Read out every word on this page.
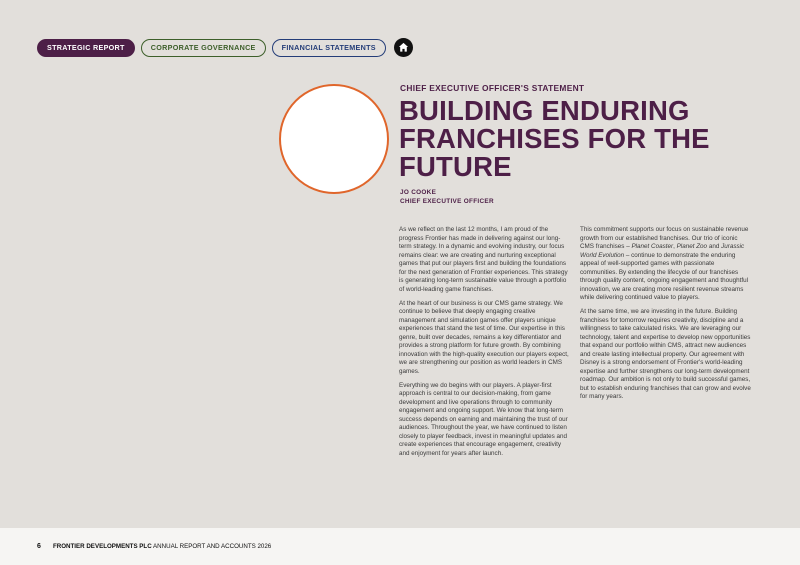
STRATEGIC REPORT	CORPORATE GOVERNANCE	FINANCIAL STATEMENTS
CHIEF EXECUTIVE OFFICER'S STATEMENT
BUILDING ENDURING FRANCHISES FOR THE FUTURE
JO COOKE
CHIEF EXECUTIVE OFFICER

As we reflect on the last 12 months, I am proud of the progress Frontier has made in delivering against our long-term strategy. In a dynamic and evolving industry, our focus remains clear: we are creating and nurturing exceptional games that put our players first and building the foundations for the next generation of Frontier experiences. This strategy is generating long-term sustainable value through a portfolio of world-leading game franchises.

At the heart of our business is our CMS game strategy. We continue to believe that deeply engaging creative management and simulation games offer players unique experiences that stand the test of time. Our expertise in this genre, built over decades, remains a key differentiator and provides a strong platform for future growth. By combining innovation with the high-quality execution our players expect, we are strengthening our position as world leaders in CMS games.

Everything we do begins with our players. A player-first approach is central to our decision-making, from game development and live operations through to community engagement and ongoing support. We know that long-term success depends on earning and maintaining the trust of our audiences. Throughout the year, we have continued to listen closely to player feedback, invest in meaningful updates and create experiences that encourage engagement, creativity and enjoyment for years after launch.

This commitment supports our focus on sustainable revenue growth from our established franchises. Our trio of iconic CMS franchises – Planet Coaster, Planet Zoo and Jurassic World Evolution – continue to demonstrate the enduring appeal of well-supported games with passionate communities. By extending the lifecycle of our franchises through quality content, ongoing engagement and thoughtful innovation, we are creating more resilient revenue streams while delivering continued value to players.

At the same time, we are investing in the future. Building franchises for tomorrow requires creativity, discipline and a willingness to take calculated risks. We are leveraging our technology, talent and expertise to develop new opportunities that expand our portfolio within CMS, attract new audiences and create lasting intellectual property. Our agreement with Disney is a strong endorsement of Frontier's world-leading expertise and further strengthens our long-term development roadmap. Our ambition is not only to build successful games, but to establish enduring franchises that can grow and evolve for many years.

6 FRONTIER DEVELOPMENTS PLC ANNUAL REPORT AND ACCOUNTS 2026
